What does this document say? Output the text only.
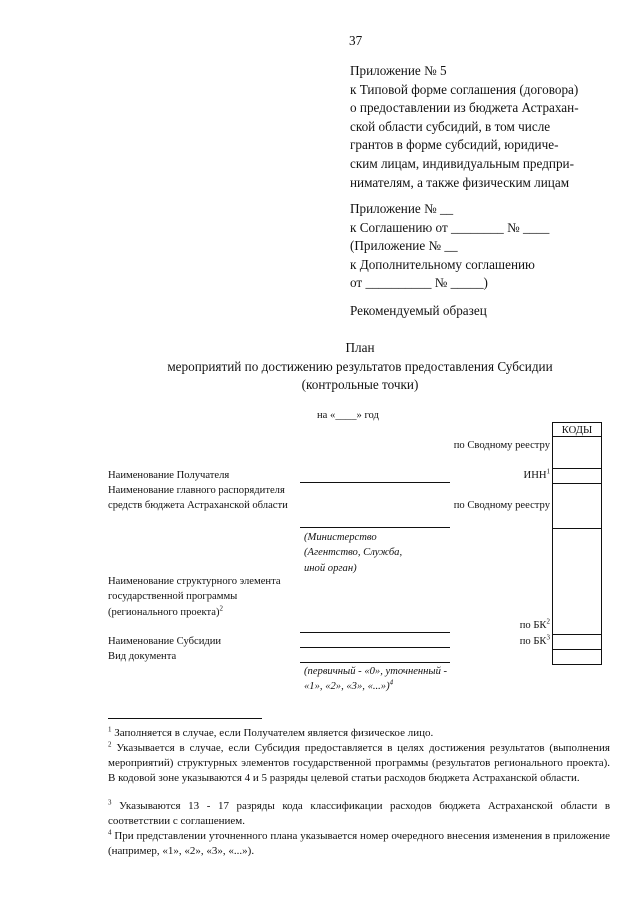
37
Приложение № 5
к Типовой форме соглашения (договора)
о предоставлении из бюджета Астрахан-
ской области субсидий, в том числе
грантов в форме субсидий, юридиче-
ским лицам, индивидуальным предпри-
нимателям, а также физическим лицам
Приложение № __
к Соглашению от ________ № ____
(Приложение № __
к Дополнительному соглашению
от __________ № _____)
Рекомендуемый образец
План
мероприятий по достижению результатов предоставления Субсидии
(контрольные точки)
на «____» год
КОДЫ
по Сводному реестру
ИНН$^1$
по Сводному реестру
по $БК^2$
по $БК^3$
Наименование Получателя
Наименование главного распорядителя средств бюджета Астраханской области
Наименование структурного элемента государственной программы (регионального проекта)$^2$
Наименование Субсидии
Вид документа
(Министерство (Агентство, Служба, иной орган)
(первичный - «0», уточненный - «1», «2», «3», «...»)$^4$

$^1$ Заполняется в случае, если Получателем является физическое лицо.

$^2$ Указывается в случае, если Субсидия предоставляется в целях достижения результатов (выполнения мероприятий) структурных элементов государственной программы (результатов регионального проекта). В кодовой зоне указываются 4 и 5 разряды целевой статьи расходов бюджета Астраханской области.

$^3$ Указываются 13 - 17 разряды кода классификации расходов бюджета Астраханской области в соответствии с соглашением.

$^4$ При представлении уточненного плана указывается номер очередного внесения изменения в приложение (например, «1», «2», «3», «...»).
